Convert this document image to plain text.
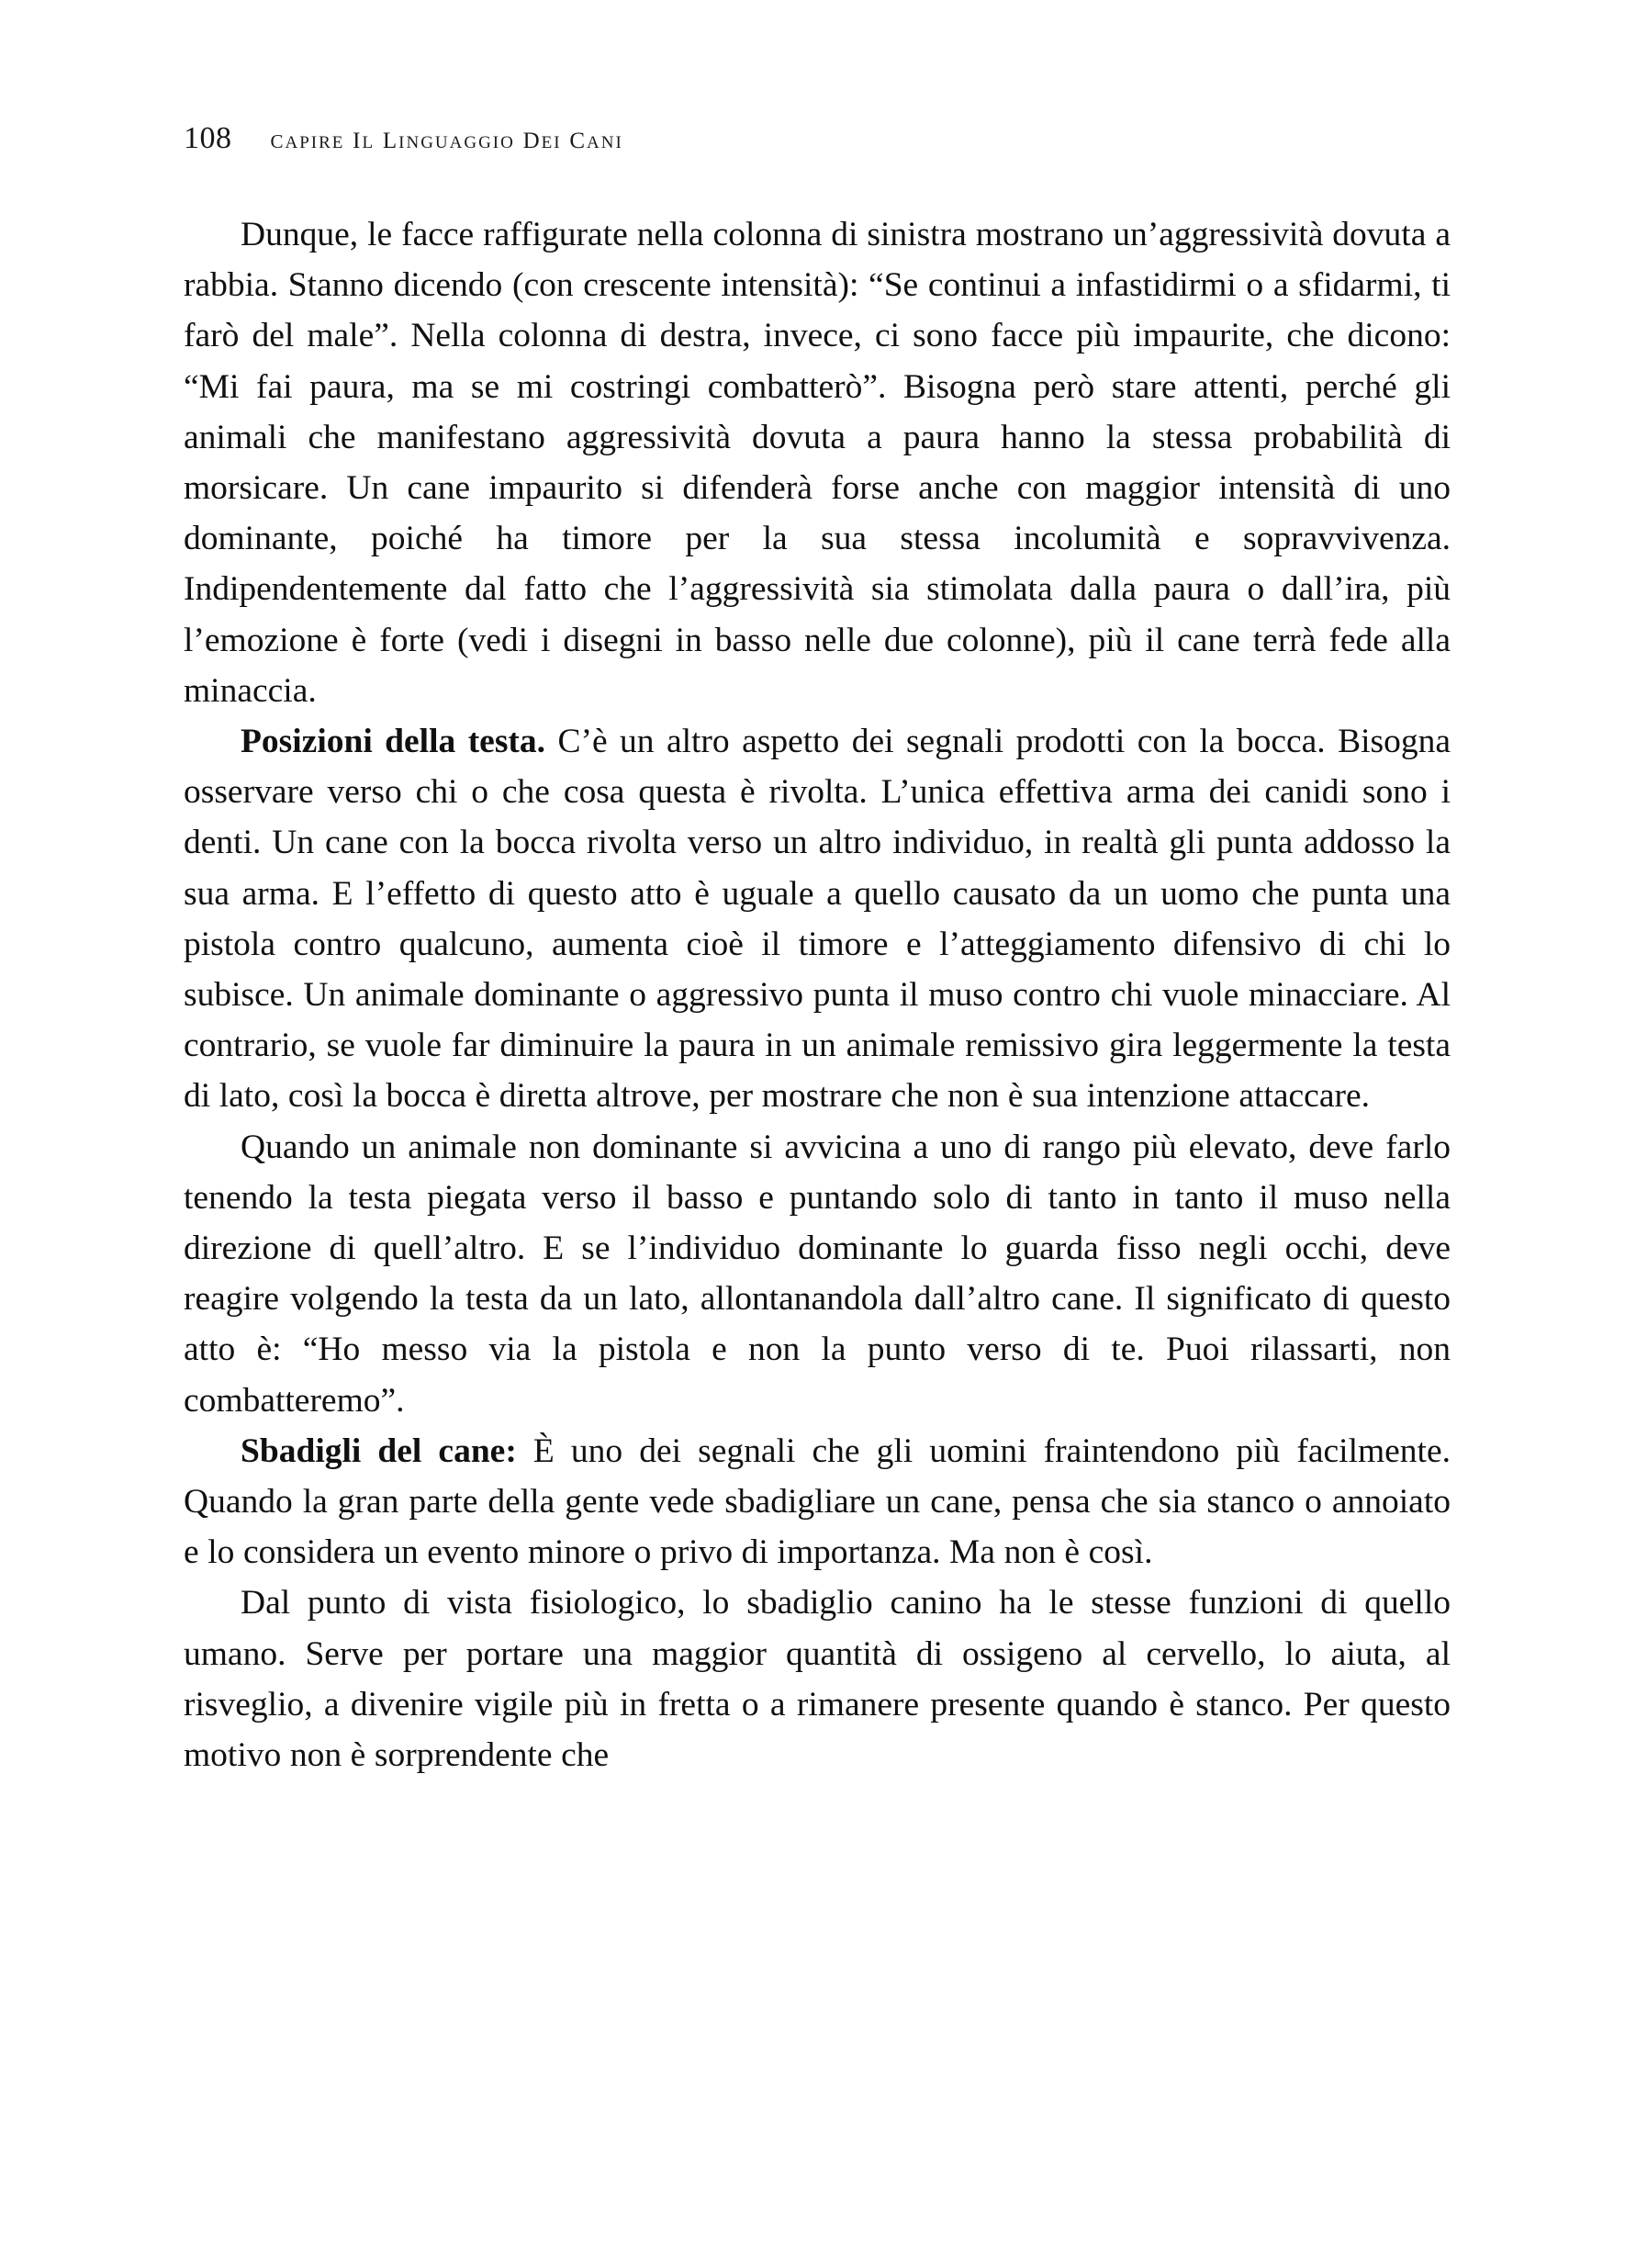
108 capire il linguaggio dei cani

Dunque, le facce raffigurate nella colonna di sinistra mostrano un’aggressività dovuta a rabbia. Stanno dicendo (con crescente intensità): “Se continui a infastidirmi o a sfidarmi, ti farò del male”. Nella colonna di destra, invece, ci sono facce più impaurite, che dicono: “Mi fai paura, ma se mi costringi combatterò”. Bisogna però stare attenti, perché gli animali che manifestano aggressività dovuta a paura hanno la stessa probabilità di morsicare. Un cane impaurito si difenderà forse anche con maggior intensità di uno dominante, poiché ha timore per la sua stessa incolumità e sopravvivenza. Indipendentemente dal fatto che l’aggressività sia stimolata dalla paura o dall’ira, più l’emozione è forte (vedi i disegni in basso nelle due colonne), più il cane terrà fede alla minaccia.

Posizioni della testa. C’è un altro aspetto dei segnali prodotti con la bocca. Bisogna osservare verso chi o che cosa questa è rivolta. L’unica effettiva arma dei canidi sono i denti. Un cane con la bocca rivolta verso un altro individuo, in realtà gli punta addosso la sua arma. E l’effetto di questo atto è uguale a quello causato da un uomo che punta una pistola contro qualcuno, aumenta cioè il timore e l’atteggiamento difensivo di chi lo subisce. Un animale dominante o aggressivo punta il muso contro chi vuole minacciare. Al contrario, se vuole far diminuire la paura in un animale remissivo gira leggermente la testa di lato, così la bocca è diretta altrove, per mostrare che non è sua intenzione attaccare.

Quando un animale non dominante si avvicina a uno di rango più elevato, deve farlo tenendo la testa piegata verso il basso e puntando solo di tanto in tanto il muso nella direzione di quell’altro. E se l’individuo dominante lo guarda fisso negli occhi, deve reagire volgendo la testa da un lato, allontanandola dall’altro cane. Il significato di questo atto è: “Ho messo via la pistola e non la punto verso di te. Puoi rilassarti, non combatteremo”.

Sbadigli del cane: È uno dei segnali che gli uomini fraintendono più facilmente. Quando la gran parte della gente vede sbadigliare un cane, pensa che sia stanco o annoiato e lo considera un evento minore o privo di importanza. Ma non è così.

Dal punto di vista fisiologico, lo sbadiglio canino ha le stesse funzioni di quello umano. Serve per portare una maggior quantità di ossigeno al cervello, lo aiuta, al risveglio, a divenire vigile più in fretta o a rimanere presente quando è stanco. Per questo motivo non è sorprendente che
